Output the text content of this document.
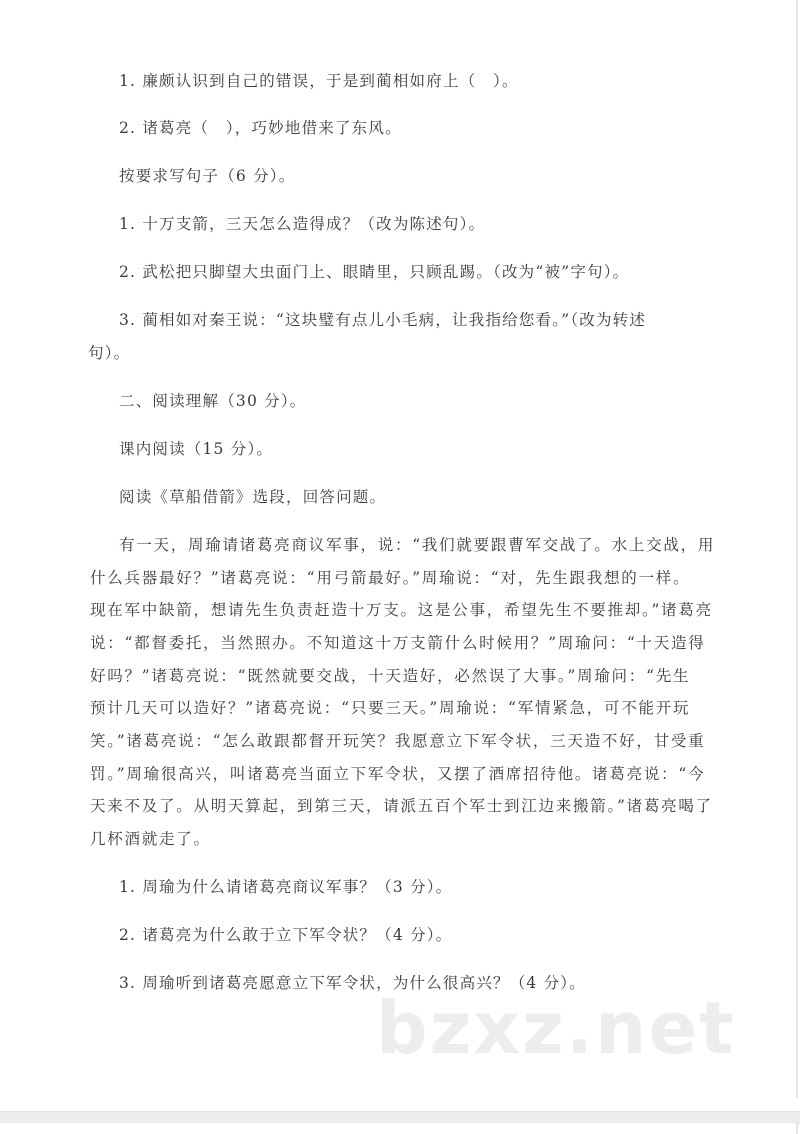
1. 廉颇认识到自己的错误，于是到蔺相如府上（　）。
2. 诸葛亮（　），巧妙地借来了东风。
按要求写句子（6 分）。
1. 十万支箭，三天怎么造得成？（改为陈述句）。
2. 武松把只脚望大虫面门上、眼睛里，只顾乱踢。（改为“被”字句）。
3. 蔺相如对秦王说：“这块璧有点儿小毛病，让我指给您看。”（改为转述
句）。
二、阅读理解（30 分）。
课内阅读（15 分）。
阅读《草船借箭》选段，回答问题。
有一天，周瑜请诸葛亮商议军事，说：“我们就要跟曹军交战了。水上交战，用
什么兵器最好？”诸葛亮说：“用弓箭最好。”周瑜说：“对，先生跟我想的一样。
现在军中缺箭，想请先生负责赶造十万支。这是公事，希望先生不要推却。”诸葛亮
说：“都督委托，当然照办。不知道这十万支箭什么时候用？”周瑜问：“十天造得
好吗？”诸葛亮说：“既然就要交战，十天造好，必然误了大事。”周瑜问：“先生
预计几天可以造好？”诸葛亮说：“只要三天。”周瑜说：“军情紧急，可不能开玩
笑。”诸葛亮说：“怎么敢跟都督开玩笑？我愿意立下军令状，三天造不好，甘受重
罚。”周瑜很高兴，叫诸葛亮当面立下军令状，又摆了酒席招待他。诸葛亮说：“今
天来不及了。从明天算起，到第三天，请派五百个军士到江边来搬箭。”诸葛亮喝了
几杯酒就走了。
1. 周瑜为什么请诸葛亮商议军事？（3 分）。
2. 诸葛亮为什么敢于立下军令状？（4 分）。
3. 周瑜听到诸葛亮愿意立下军令状，为什么很高兴？（4 分）。
bzxz.net
